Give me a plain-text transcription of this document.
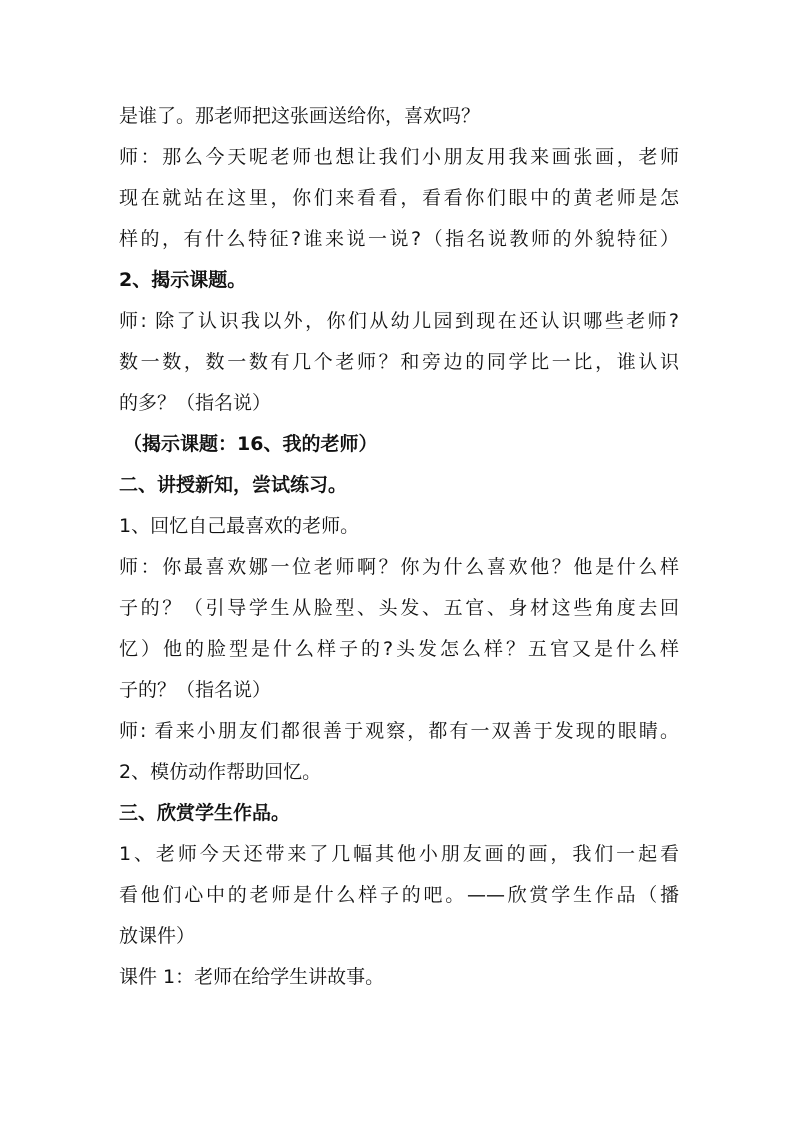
是谁了。那老师把这张画送给你，喜欢吗？
师：那么今天呢老师也想让我们小朋友用我来画张画，老师
现在就站在这里，你们来看看，看看你们眼中的黄老师是怎
样的，有什么特征?谁来说一说?（指名说教师的外貌特征）
2、揭示课题。
师: 除了认识我以外，你们从幼儿园到现在还认识哪些老师?
数一数，数一数有几个老师？和旁边的同学比一比，谁认识
的多？（指名说）
（揭示课题：16、我的老师）
二、讲授新知，尝试练习。
1、回忆自己最喜欢的老师。
师：你最喜欢娜一位老师啊？你为什么喜欢他？他是什么样
子的？（引导学生从脸型、头发、五官、身材这些角度去回
忆）他的脸型是什么样子的?头发怎么样？五官又是什么样
子的？（指名说）
师: 看来小朋友们都很善于观察，都有一双善于发现的眼睛。
2、模仿动作帮助回忆。
三、欣赏学生作品。
1、老师今天还带来了几幅其他小朋友画的画，我们一起看
看他们心中的老师是什么样子的吧。——欣赏学生作品（播
放课件）
课件 1：老师在给学生讲故事。
